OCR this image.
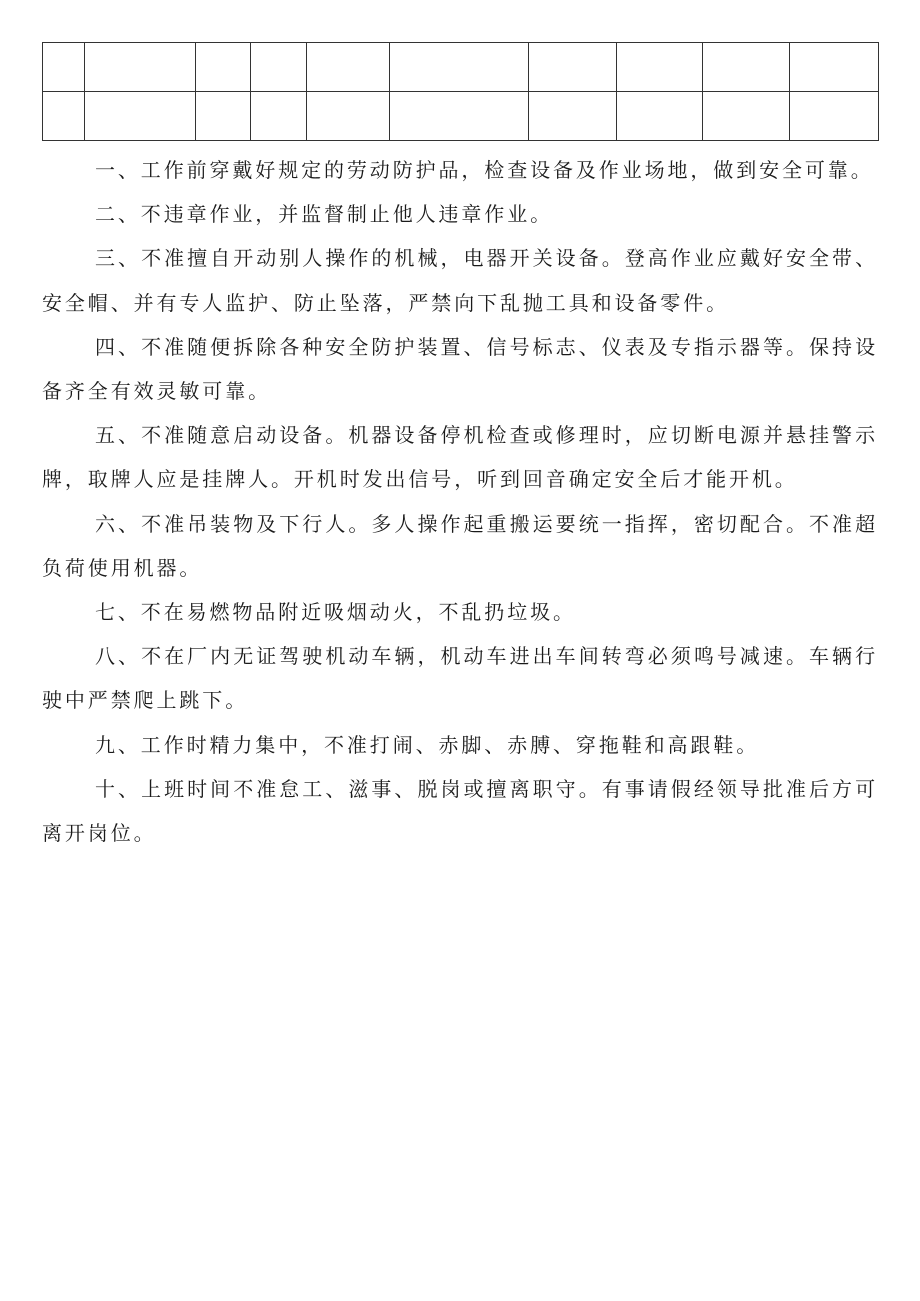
一、工作前穿戴好规定的劳动防护品，检查设备及作业场地，做到安全可靠。

二、不违章作业，并监督制止他人违章作业。

三、不准擅自开动别人操作的机械，电器开关设备。登高作业应戴好安全带、安全帽、并有专人监护、防止坠落，严禁向下乱抛工具和设备零件。

四、不准随便拆除各种安全防护装置、信号标志、仪表及专指示器等。保持设备齐全有效灵敏可靠。

五、不准随意启动设备。机器设备停机检查或修理时，应切断电源并悬挂警示牌，取牌人应是挂牌人。开机时发出信号，听到回音确定安全后才能开机。

六、不准吊装物及下行人。多人操作起重搬运要统一指挥，密切配合。不准超负荷使用机器。

七、不在易燃物品附近吸烟动火，不乱扔垃圾。

八、不在厂内无证驾驶机动车辆，机动车进出车间转弯必须鸣号减速。车辆行驶中严禁爬上跳下。

九、工作时精力集中，不准打闹、赤脚、赤膊、穿拖鞋和高跟鞋。

十、上班时间不准怠工、滋事、脱岗或擅离职守。有事请假经领导批准后方可离开岗位。
